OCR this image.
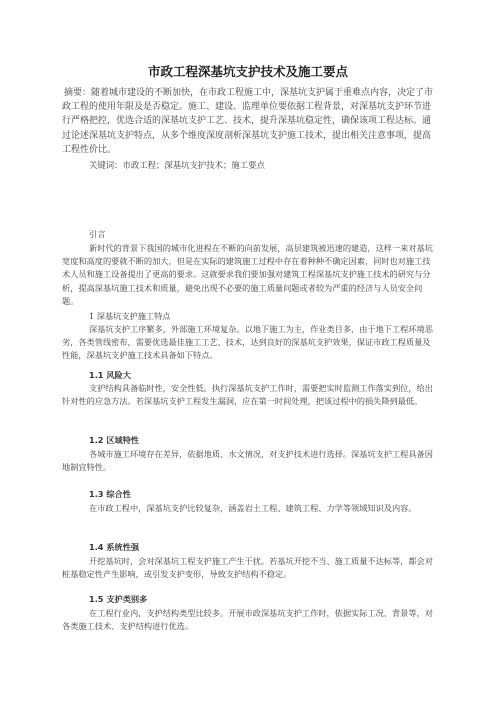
市政工程深基坑支护技术及施工要点

摘要：随着城市建设的不断加快，在市政工程施工中，深基坑支护属于重难点内容，决定了市政工程的使用年限及是否稳定。施工、建设、监理单位要依据工程背景，对深基坑支护环节进行严格把控，优选合适的深基坑支护工艺、技术，提升深基坑稳定性，确保该项工程达标。通过论述深基坑支护特点，从多个维度深度剖析深基坑支护施工技术，提出相关注意事项，提高工程性价比。

关键词：市政工程；深基坑支护技术；施工要点

引言

新时代的背景下我国的城市化进程在不断的向前发展，高层建筑被迅速的建造，这样一来对基坑宽度和高度的要就不断的加大，但是在实际的建筑施工过程中存在着种种不确定因素，同时也对施工技术人员和施工设备提出了更高的要求。这就要求我们要加强对建筑工程深基坑支护施工技术的研究与分析，提高深基坑施工技术和质量，避免出现不必要的施工质量问题或者较为严重的经济与人员安全问题。

1 深基坑支护施工特点

深基坑支护工序繁多，外部施工环境复杂。以地下施工为主，作业类目多，由于地下工程环境恶劣，各类管线密布，需要优选最佳施工工艺、技术，达到良好的深基坑支护效果，保证市政工程质量及性能，深基坑支护施工技术具备如下特点。

1.1 风险大

支护结构具备临时性，安全性低。执行深基坑支护工作时，需要把实时监测工作落实到位，给出针对性的应急方法。若深基坑支护工程发生漏洞，应在第一时间处理，把该过程中的损失降到最低。

1.2 区域特性

各城市施工环境存在差异，依据地质、水文情况，对支护技术进行选择。深基坑支护工程具备因地制宜特性。

1.3 综合性

在市政工程中，深基坑支护比较复杂，涵盖岩土工程、建筑工程、力学等领域知识及内容。

1.4 系统性强

开挖基坑时，会对深基坑工程支护施工产生干扰。若基坑开挖不当、施工质量不达标等，都会对桩基稳定性产生影响，或引发支护变形，导致支护结构不稳定。

1.5 支护类别多

在工程行业内，支护结构类型比较多。开展市政深基坑支护工作时，依据实际工况、背景等，对各类施工技术、支护结构进行优选。
